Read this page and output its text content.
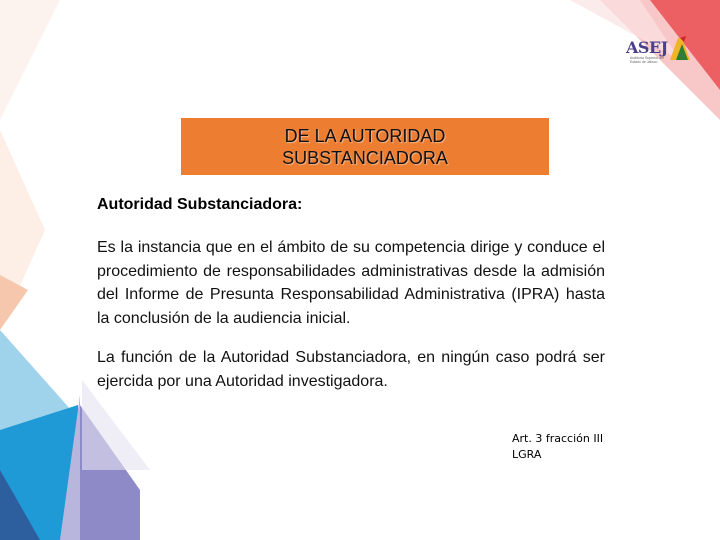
ASEJ
Auditoría Superior del Estado de Jalisco
DE LA AUTORIDAD
SUBSTANCIADORA
Autoridad Substanciadora:
Es la instancia que en el ámbito de su competencia dirige y conduce el procedimiento de responsabilidades administrativas desde la admisión del Informe de Presunta Responsabilidad Administrativa (IPRA) hasta la conclusión de la audiencia inicial.
La función de la Autoridad Substanciadora, en ningún caso podrá ser ejercida por una Autoridad investigadora.
Art. 3 fracción III
LGRA
